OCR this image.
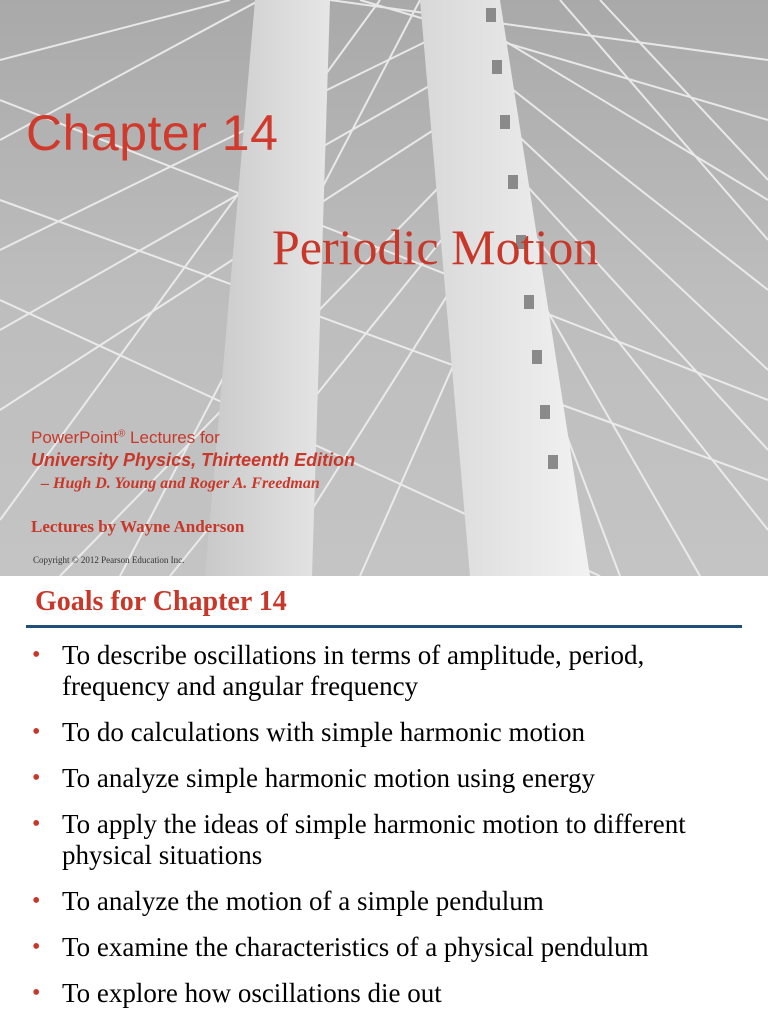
Chapter 14
Periodic Motion
PowerPoint® Lectures for
University Physics, Thirteenth Edition
– Hugh D. Young and Roger A. Freedman
Lectures by Wayne Anderson
Copyright © 2012 Pearson Education Inc.
Goals for Chapter 14
• To describe oscillations in terms of amplitude, period, frequency and angular frequency
• To do calculations with simple harmonic motion
• To analyze simple harmonic motion using energy
• To apply the ideas of simple harmonic motion to different physical situations
• To analyze the motion of a simple pendulum
• To examine the characteristics of a physical pendulum
• To explore how oscillations die out
